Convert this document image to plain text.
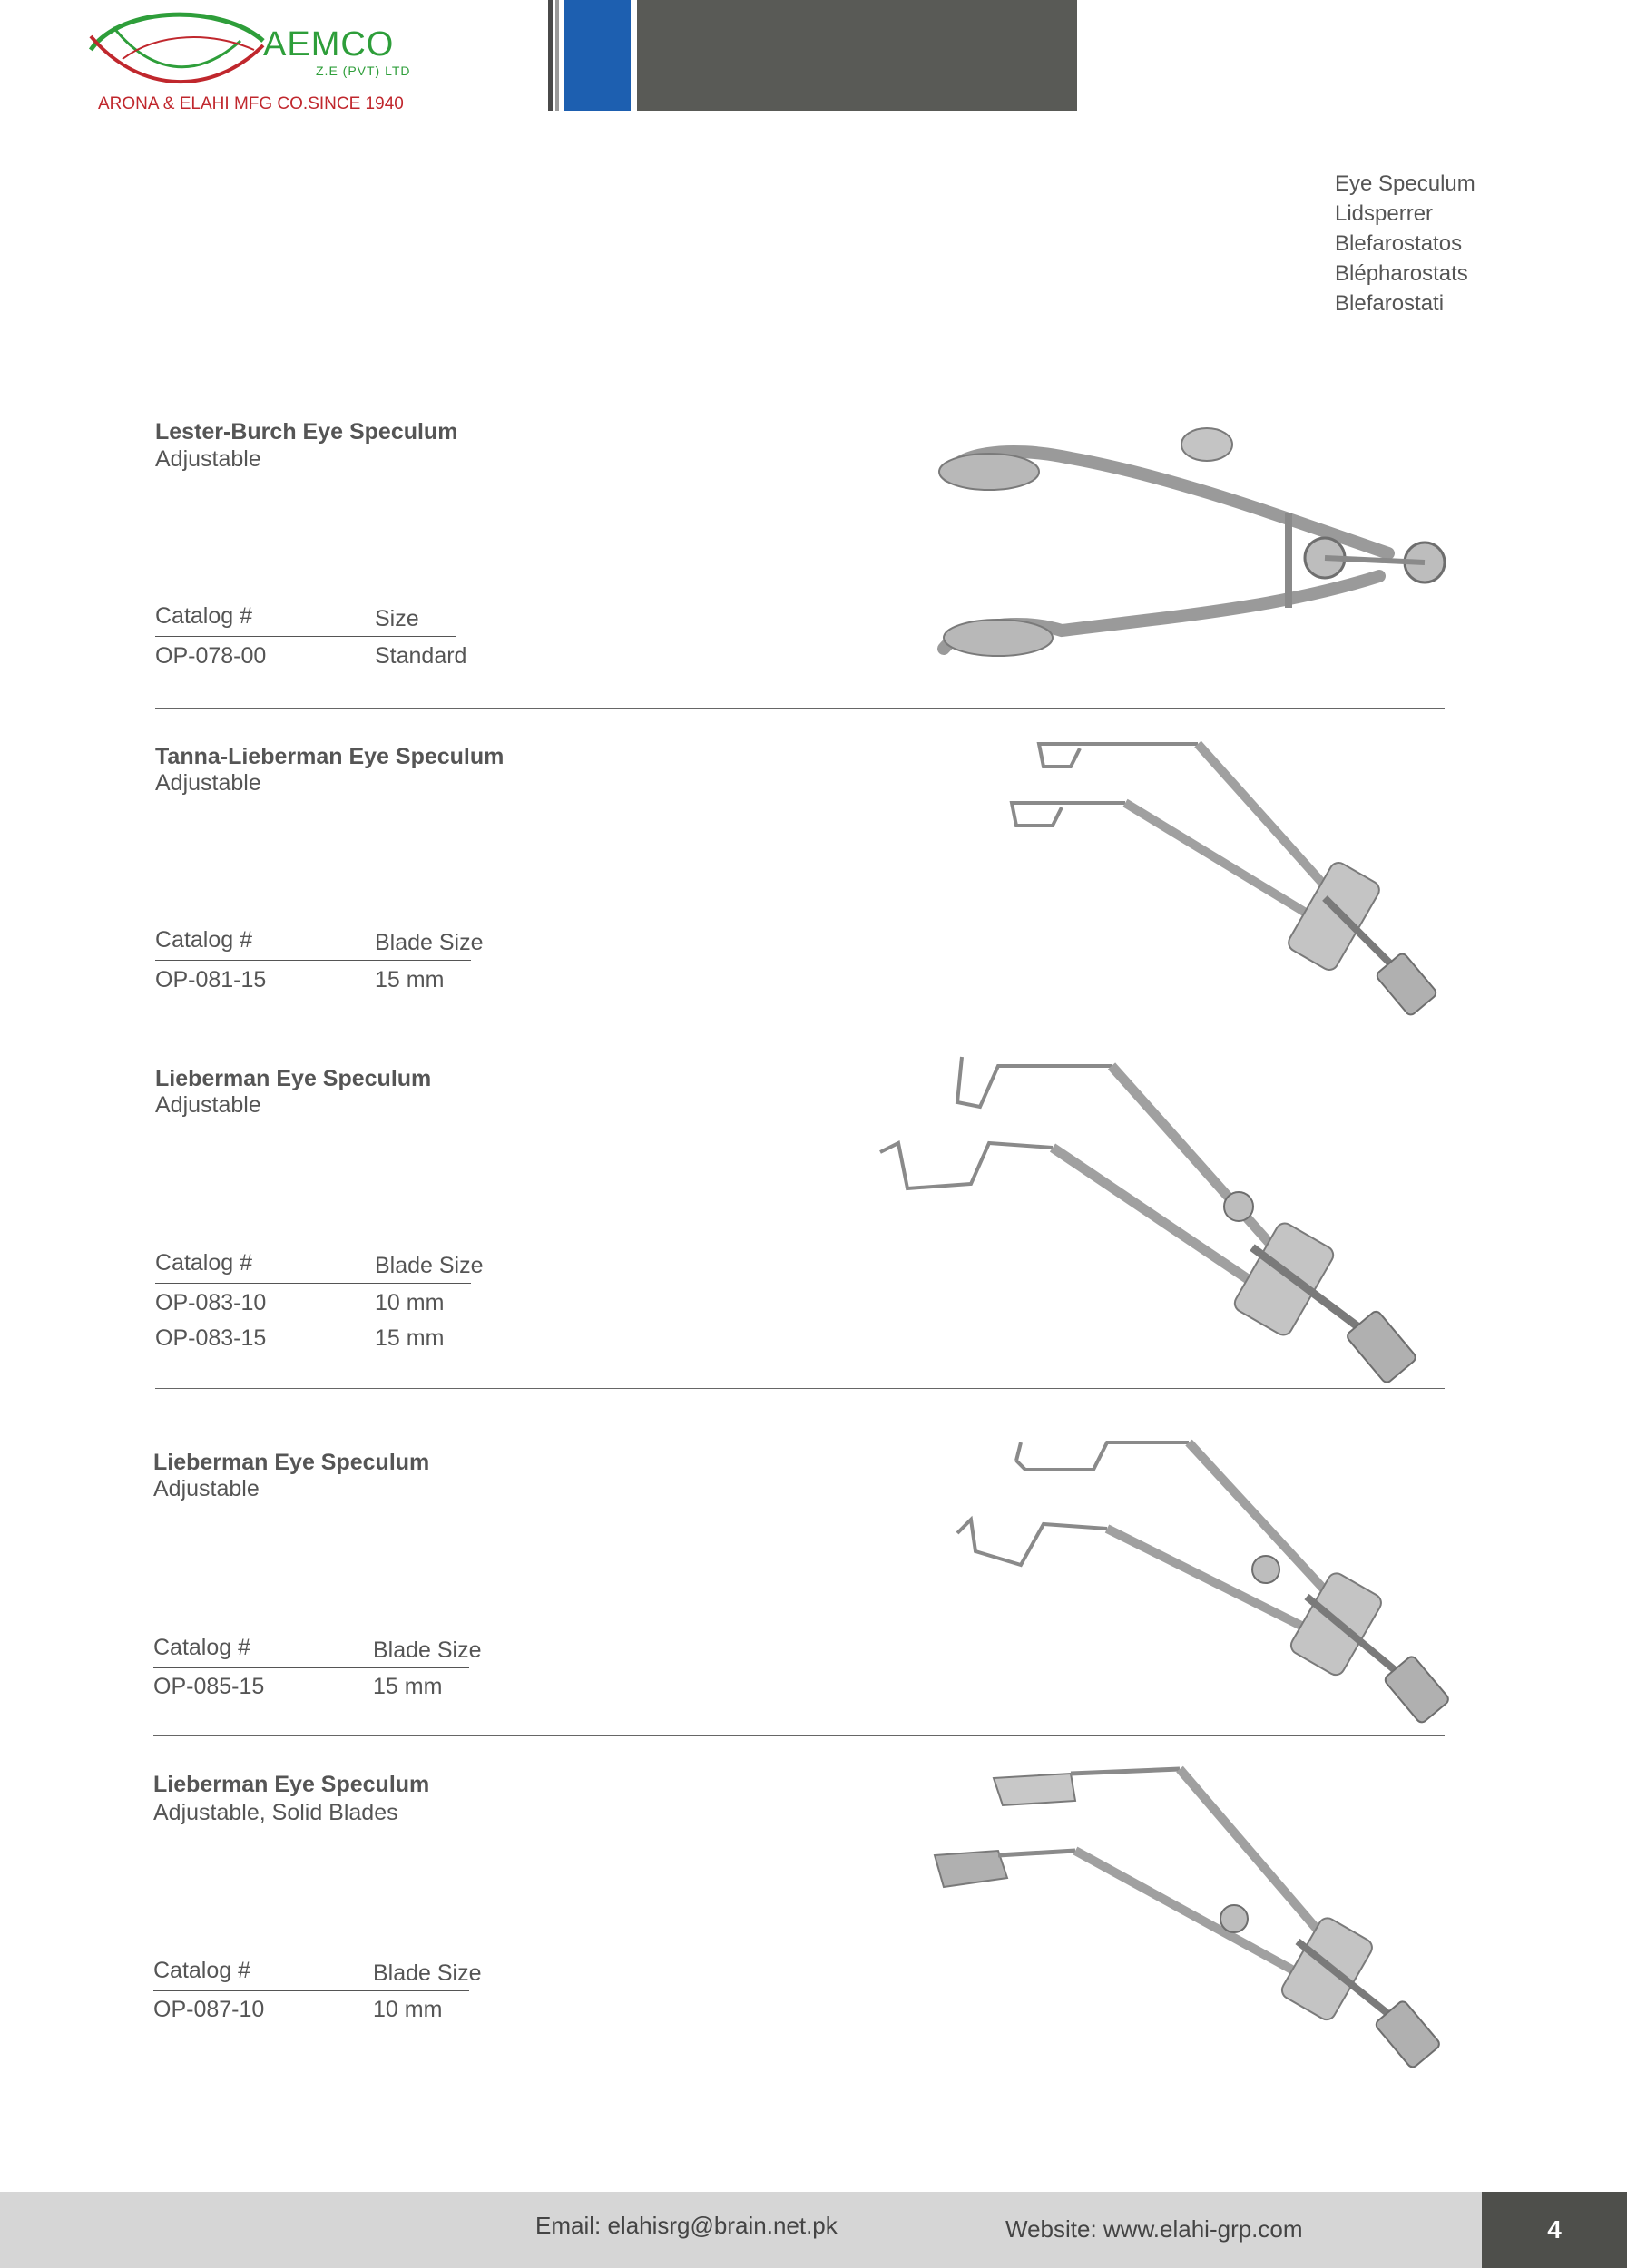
AEMCO
Z.E (PVT) LTD
ARONA & ELAHI MFG CO.SINCE 1940
Eye Speculum
Lidsperrer
Blefarostatos
Blépharostats
Blefarostati
Lester-Burch Eye Speculum
Adjustable
Catalog #	Size
OP-078-00	Standard
Tanna-Lieberman Eye Speculum
Adjustable
Catalog #	Blade Size
OP-081-15	15 mm
Lieberman Eye Speculum
Adjustable
Catalog #	Blade Size
OP-083-10	10 mm
OP-083-15	15 mm
Lieberman Eye Speculum
Adjustable
Catalog #	Blade Size
OP-085-15	15 mm
Lieberman Eye Speculum
Adjustable, Solid Blades
Catalog #	Blade Size
OP-087-10	10 mm
Email: elahisrg@brain.net.pk	Website: www.elahi-grp.com	4
